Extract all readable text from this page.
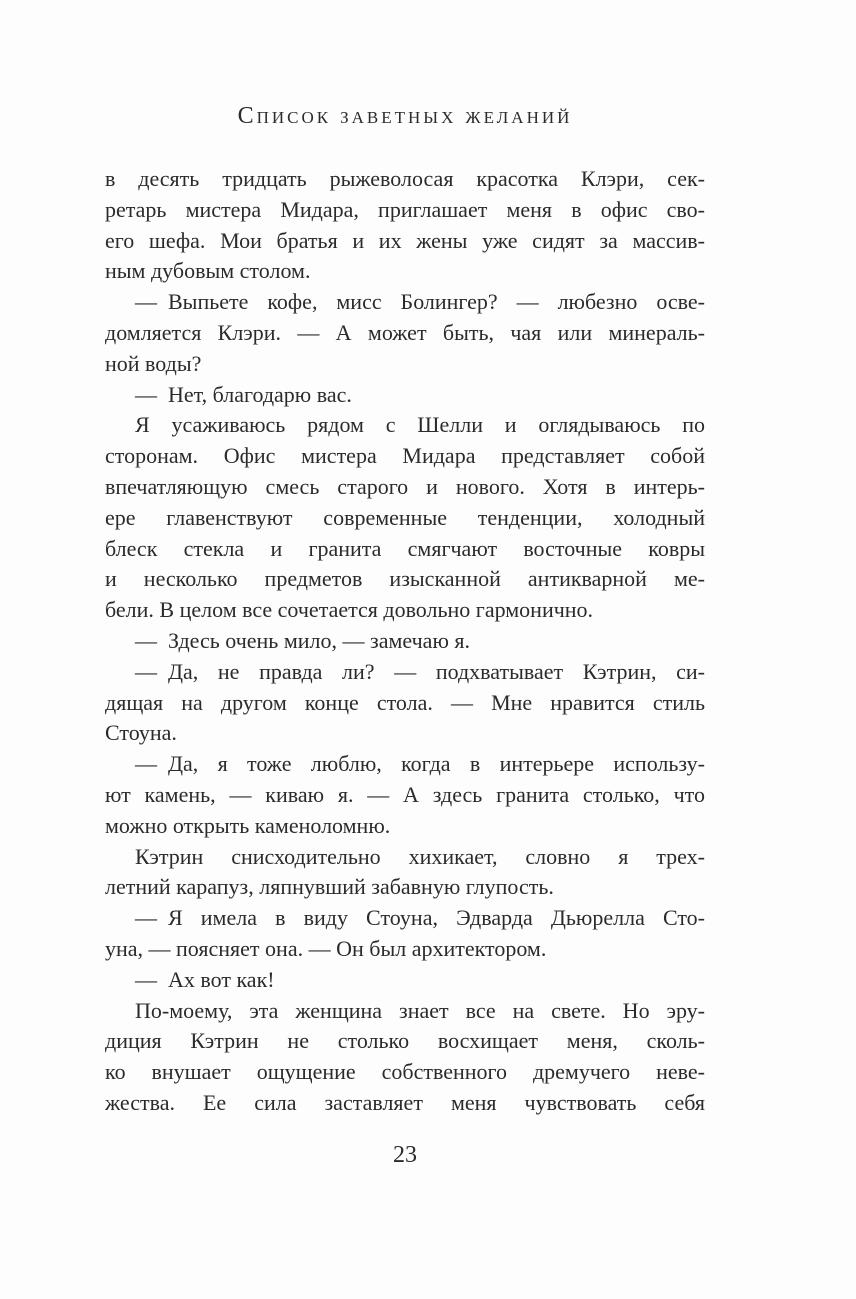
Список заветных желаний
в десять тридцать рыжеволосая красотка Клэри, сек-
ретарь мистера Мидара, приглашает меня в офис сво-
его шефа. Мои братья и их жены уже сидят за массив-
ным дубовым столом.
— Выпьете кофе, мисс Болингер? — любезно осве-
домляется Клэри. — А может быть, чая или минераль-
ной воды?
— Нет, благодарю вас.
Я усаживаюсь рядом с Шелли и оглядываюсь по
сторонам. Офис мистера Мидара представляет собой
впечатляющую смесь старого и нового. Хотя в интерь-
ере главенствуют современные тенденции, холодный
блеск стекла и гранита смягчают восточные ковры
и несколько предметов изысканной антикварной ме-
бели. В целом все сочетается довольно гармонично.
— Здесь очень мило, — замечаю я.
— Да, не правда ли? — подхватывает Кэтрин, си-
дящая на другом конце стола. — Мне нравится стиль
Стоуна.
— Да, я тоже люблю, когда в интерьере использу-
ют камень, — киваю я. — А здесь гранита столько, что
можно открыть каменоломню.
Кэтрин снисходительно хихикает, словно я трех-
летний карапуз, ляпнувший забавную глупость.
— Я имела в виду Стоуна, Эдварда Дьюрелла Сто-
уна, — поясняет она. — Он был архитектором.
— Ах вот как!
По-моему, эта женщина знает все на свете. Но эру-
диция Кэтрин не столько восхищает меня, сколь-
ко внушает ощущение собственного дремучего неве-
жества. Ее сила заставляет меня чувствовать себя
23
